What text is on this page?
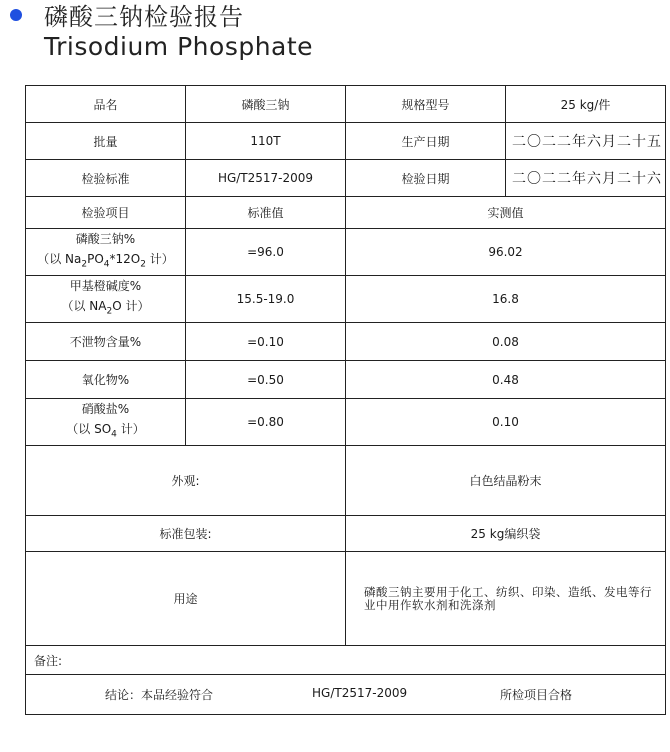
磷酸三钠检验报告
Trisodium Phosphate
品名	磷酸三钠	规格型号	25 kg/件
批量	110T	生产日期	二〇二二年六月二十五
检验标准	HG/T2517-2009	检验日期	二〇二二年六月二十六
检验项目	标准值	实测值	
磷酸三钠%
（以 $Na_2PO_4*12O_2$ 计）	=96.0	96.02	
甲基橙碱度%
（以 $NA_2O$ 计）	15.5-19.0	16.8	
不泄物含量%	=0.10	0.08	
氧化物%	=0.50	0.48	
硝酸盐%
（以 $SO_4$ 计）	=0.80	0.10	
外观:		白色结晶粉末	
标准包装:		25 kg编织袋	
用途		磷酸三钠主要用于化工、纺织、印染、造纸、发电等行业中用作软水剂和洗涤剂	
备注:			

结论：本品经验符合 HG/T2517-2009 所检项目合格			
